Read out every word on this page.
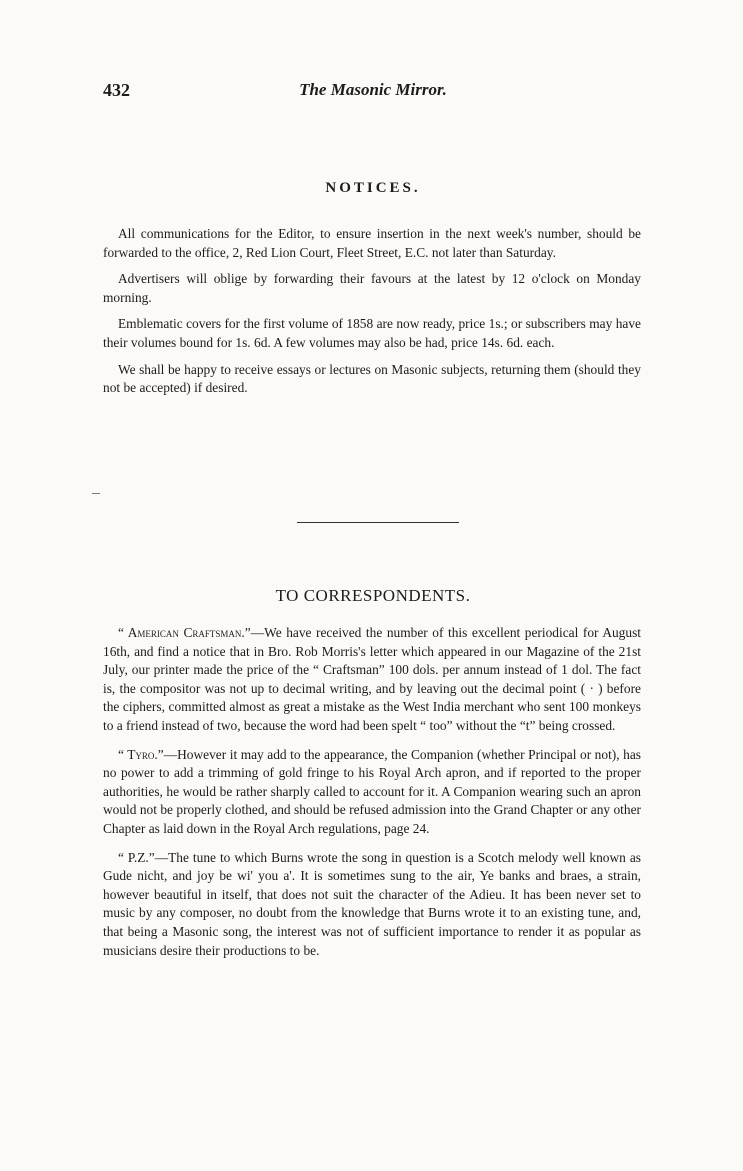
432	The Masonic Mirror.
NOTICES.

All communications for the Editor, to ensure insertion in the next week's number, should be forwarded to the office, 2, Red Lion Court, Fleet Street, E.C. not later than Saturday.

Advertisers will oblige by forwarding their favours at the latest by 12 o'clock on Monday morning.

Emblematic covers for the first volume of 1858 are now ready, price 1s.; or subscribers may have their volumes bound for 1s. 6d. A few volumes may also be had, price 14s. 6d. each.

We shall be happy to receive essays or lectures on Masonic subjects, returning them (should they not be accepted) if desired.

TO CORRESPONDENTS.

“ American Craftsman.”—We have received the number of this excellent periodical for August 16th, and find a notice that in Bro. Rob Morris's letter which appeared in our Magazine of the 21st July, our printer made the price of the “ Craftsman” 100 dols. per annum instead of 1 dol. The fact is, the compositor was not up to decimal writing, and by leaving out the decimal point ( · ) before the ciphers, committed almost as great a mistake as the West India merchant who sent 100 monkeys to a friend instead of two, because the word had been spelt “ too” without the “t” being crossed.

“ Tyro.”—However it may add to the appearance, the Companion (whether Principal or not), has no power to add a trimming of gold fringe to his Royal Arch apron, and if reported to the proper authorities, he would be rather sharply called to account for it. A Companion wearing such an apron would not be properly clothed, and should be refused admission into the Grand Chapter or any other Chapter as laid down in the Royal Arch regulations, page 24.

“ P.Z.”—The tune to which Burns wrote the song in question is a Scotch melody well known as Gude nicht, and joy be wi' you a'. It is sometimes sung to the air, Ye banks and braes, a strain, however beautiful in itself, that does not suit the character of the Adieu. It has been never set to music by any composer, no doubt from the knowledge that Burns wrote it to an existing tune, and, that being a Masonic song, the interest was not of sufficient importance to render it as popular as musicians desire their productions to be.
